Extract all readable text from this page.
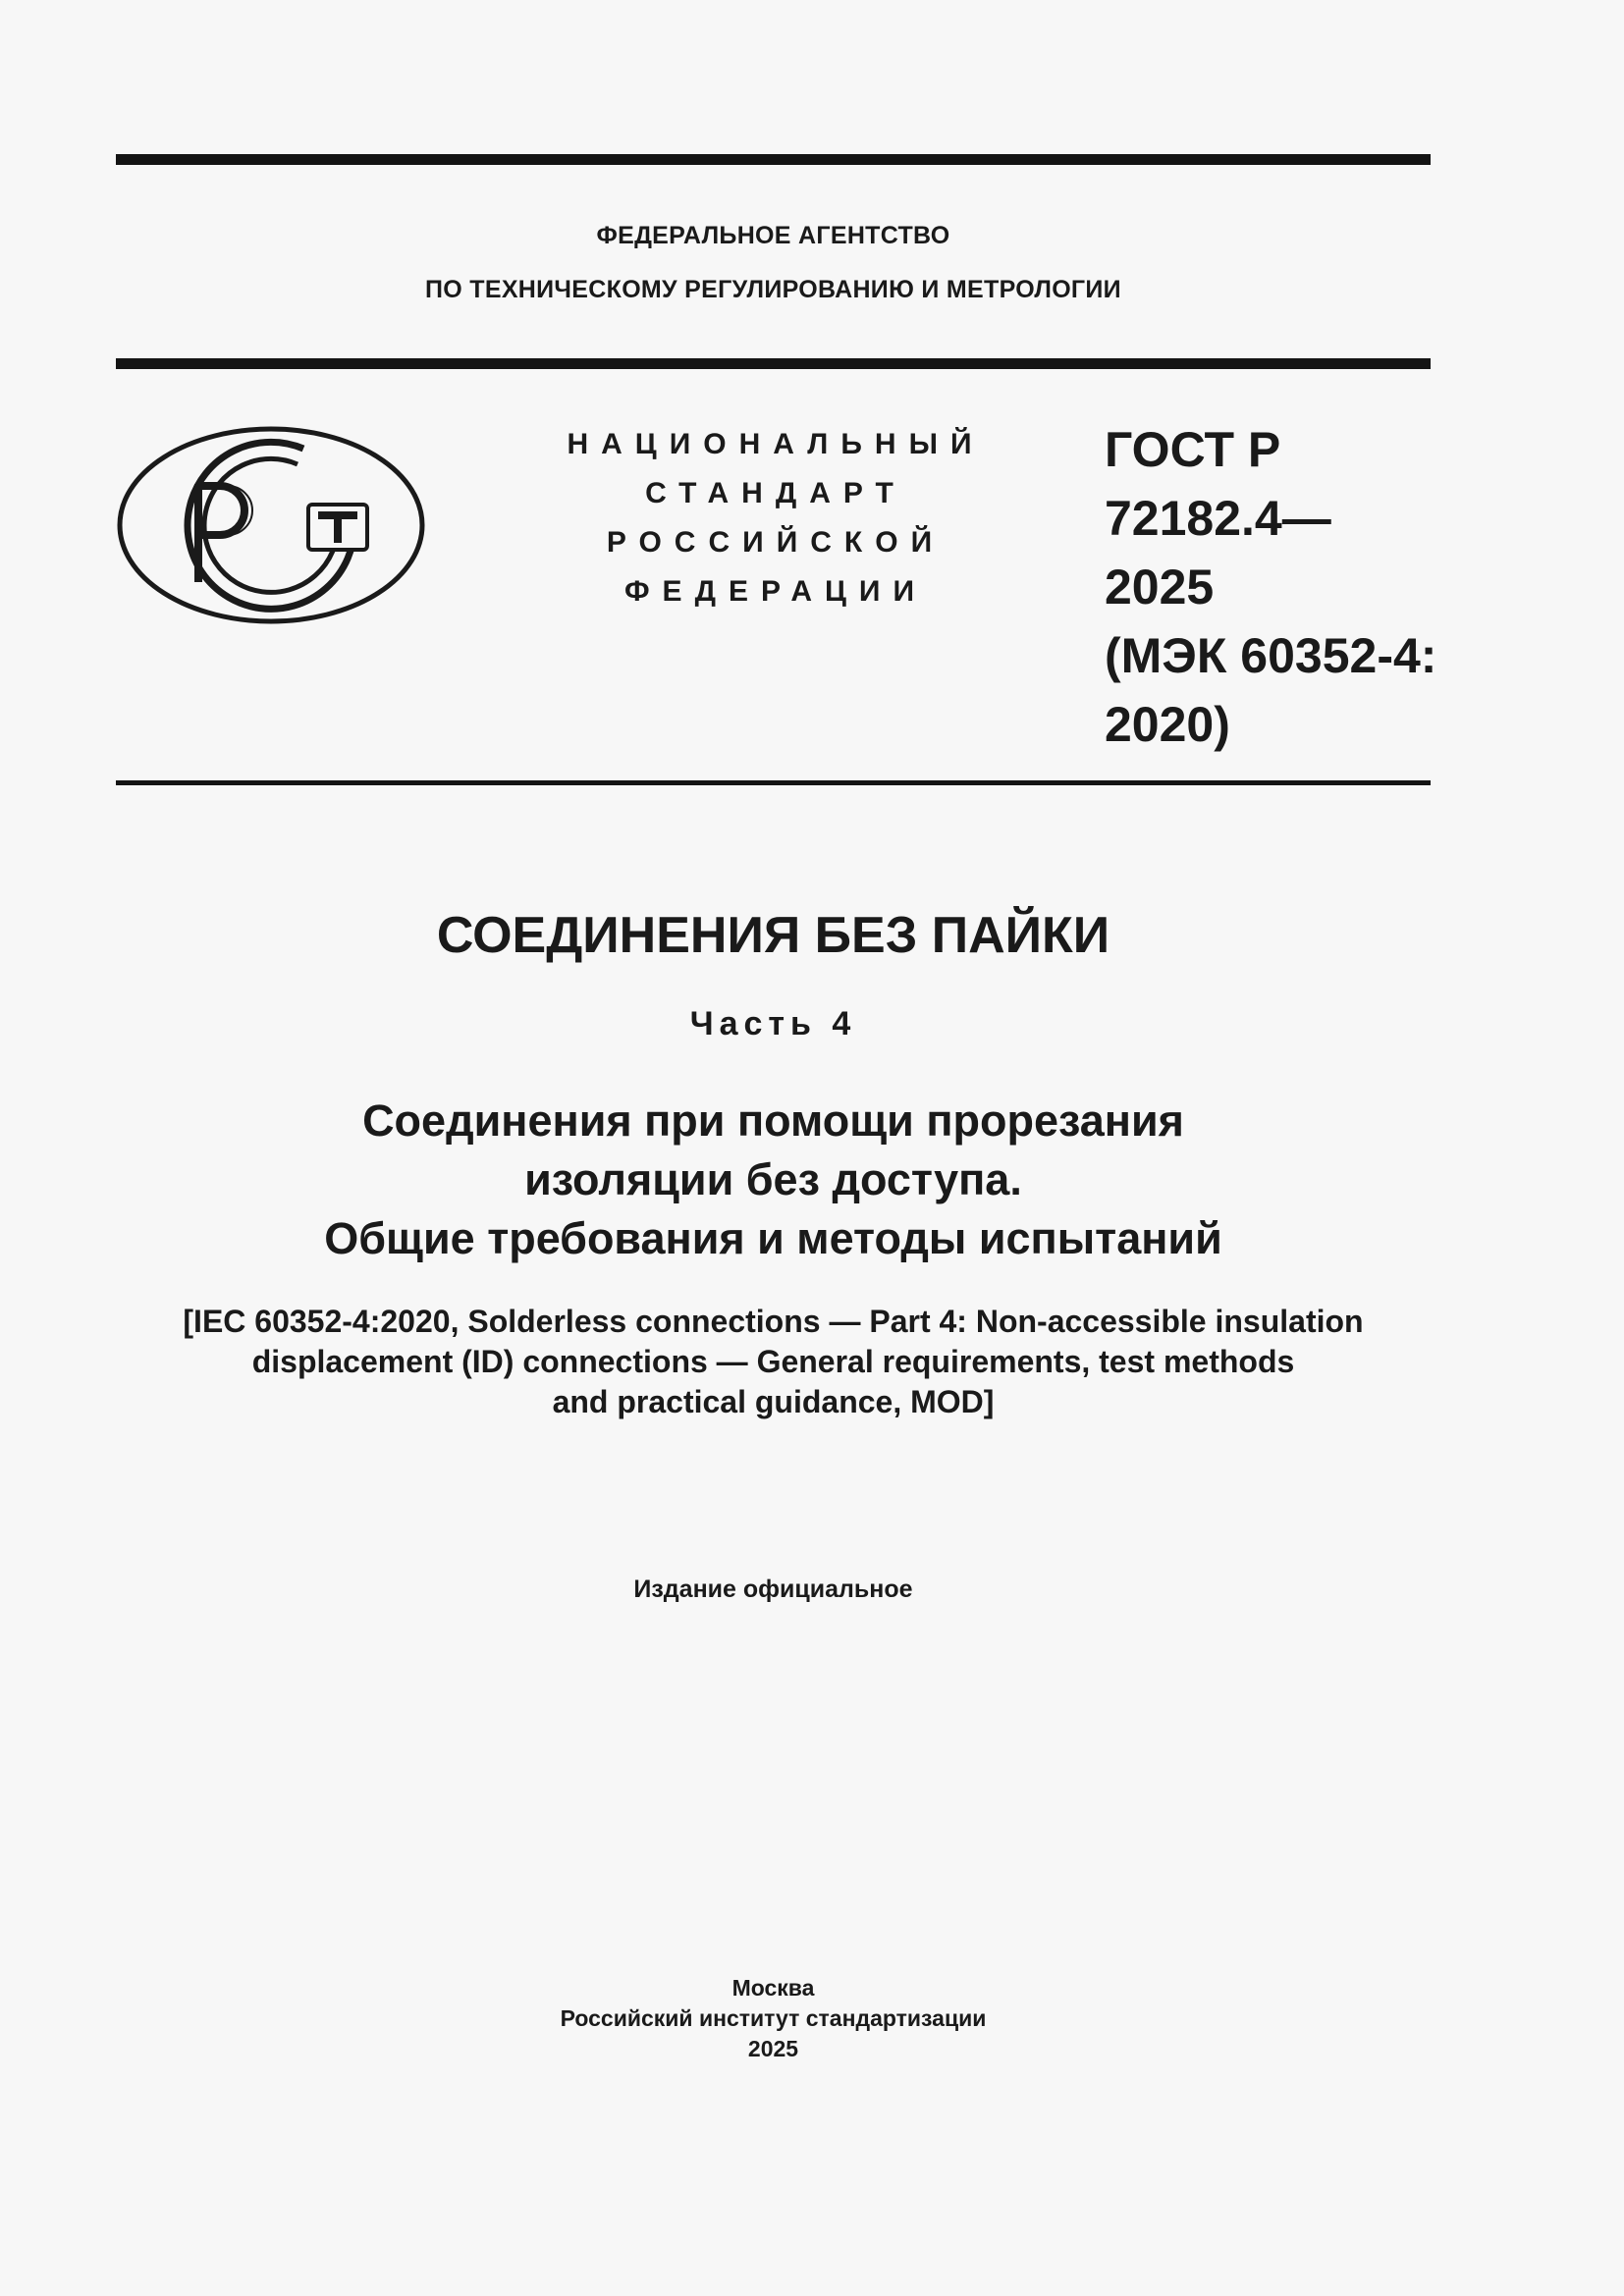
ФЕДЕРАЛЬНОЕ АГЕНТСТВО
ПО ТЕХНИЧЕСКОМУ РЕГУЛИРОВАНИЮ И МЕТРОЛОГИИ
НАЦИОНАЛЬНЫЙ
СТАНДАРТ
РОССИЙСКОЙ
ФЕДЕРАЦИИ
ГОСТ Р
72182.4—
2025
(МЭК 60352-4:
2020)
СОЕДИНЕНИЯ БЕЗ ПАЙКИ
Часть 4
Соединения при помощи прорезания
изоляции без доступа.
Общие требования и методы испытаний
[IEC 60352-4:2020, Solderless connections — Part 4: Non-accessible insulation
displacement (ID) connections — General requirements, test methods
and practical guidance, MOD]
Издание официальное
Москва
Российский институт стандартизации
2025
